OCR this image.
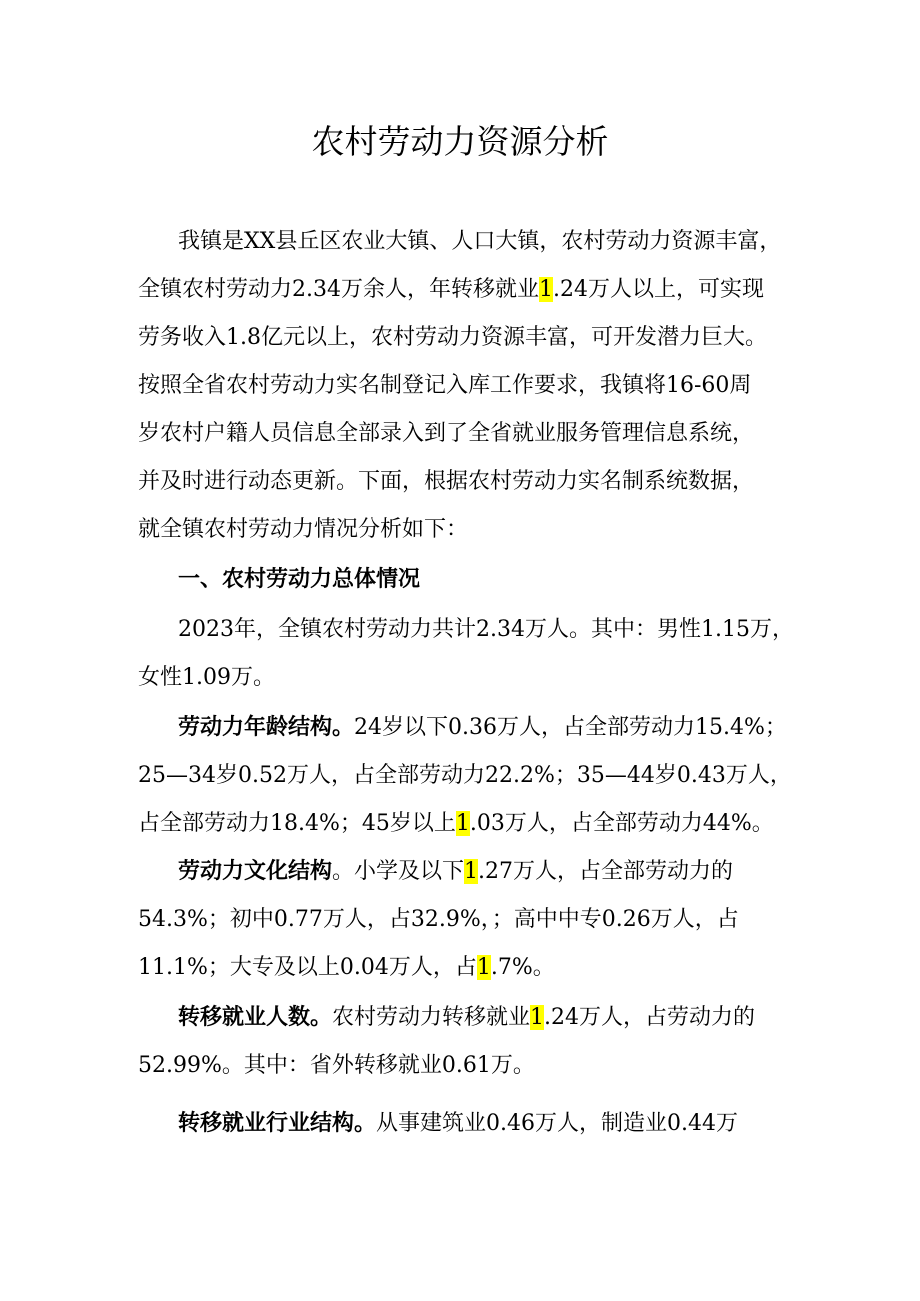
农村劳动力资源分析
我镇是XX县丘区农业大镇、人口大镇，农村劳动力资源丰富，
全镇农村劳动力2.34万余人，年转移就业1.24万人以上，可实现
劳务收入1.8亿元以上，农村劳动力资源丰富，可开发潜力巨大。
按照全省农村劳动力实名制登记入库工作要求，我镇将16-60周
岁农村户籍人员信息全部录入到了全省就业服务管理信息系统，
并及时进行动态更新。下面，根据农村劳动力实名制系统数据，
就全镇农村劳动力情况分析如下：
一、农村劳动力总体情况
2023年，全镇农村劳动力共计2.34万人。其中：男性1.15万，
女性1.09万。
劳动力年龄结构。24岁以下0.36万人，占全部劳动力15.4%；
25—34岁0.52万人，占全部劳动力22.2%；35—44岁0.43万人，
占全部劳动力18.4%；45岁以上1.03万人，占全部劳动力44%。
劳动力文化结构。小学及以下1.27万人，占全部劳动力的
54.3%；初中0.77万人，占32.9%，；高中中专0.26万人，占
11.1%；大专及以上0.04万人，占1.7%。
转移就业人数。农村劳动力转移就业1.24万人，占劳动力的
52.99%。其中：省外转移就业0.61万。
转移就业行业结构。从事建筑业0.46万人，制造业0.44万
